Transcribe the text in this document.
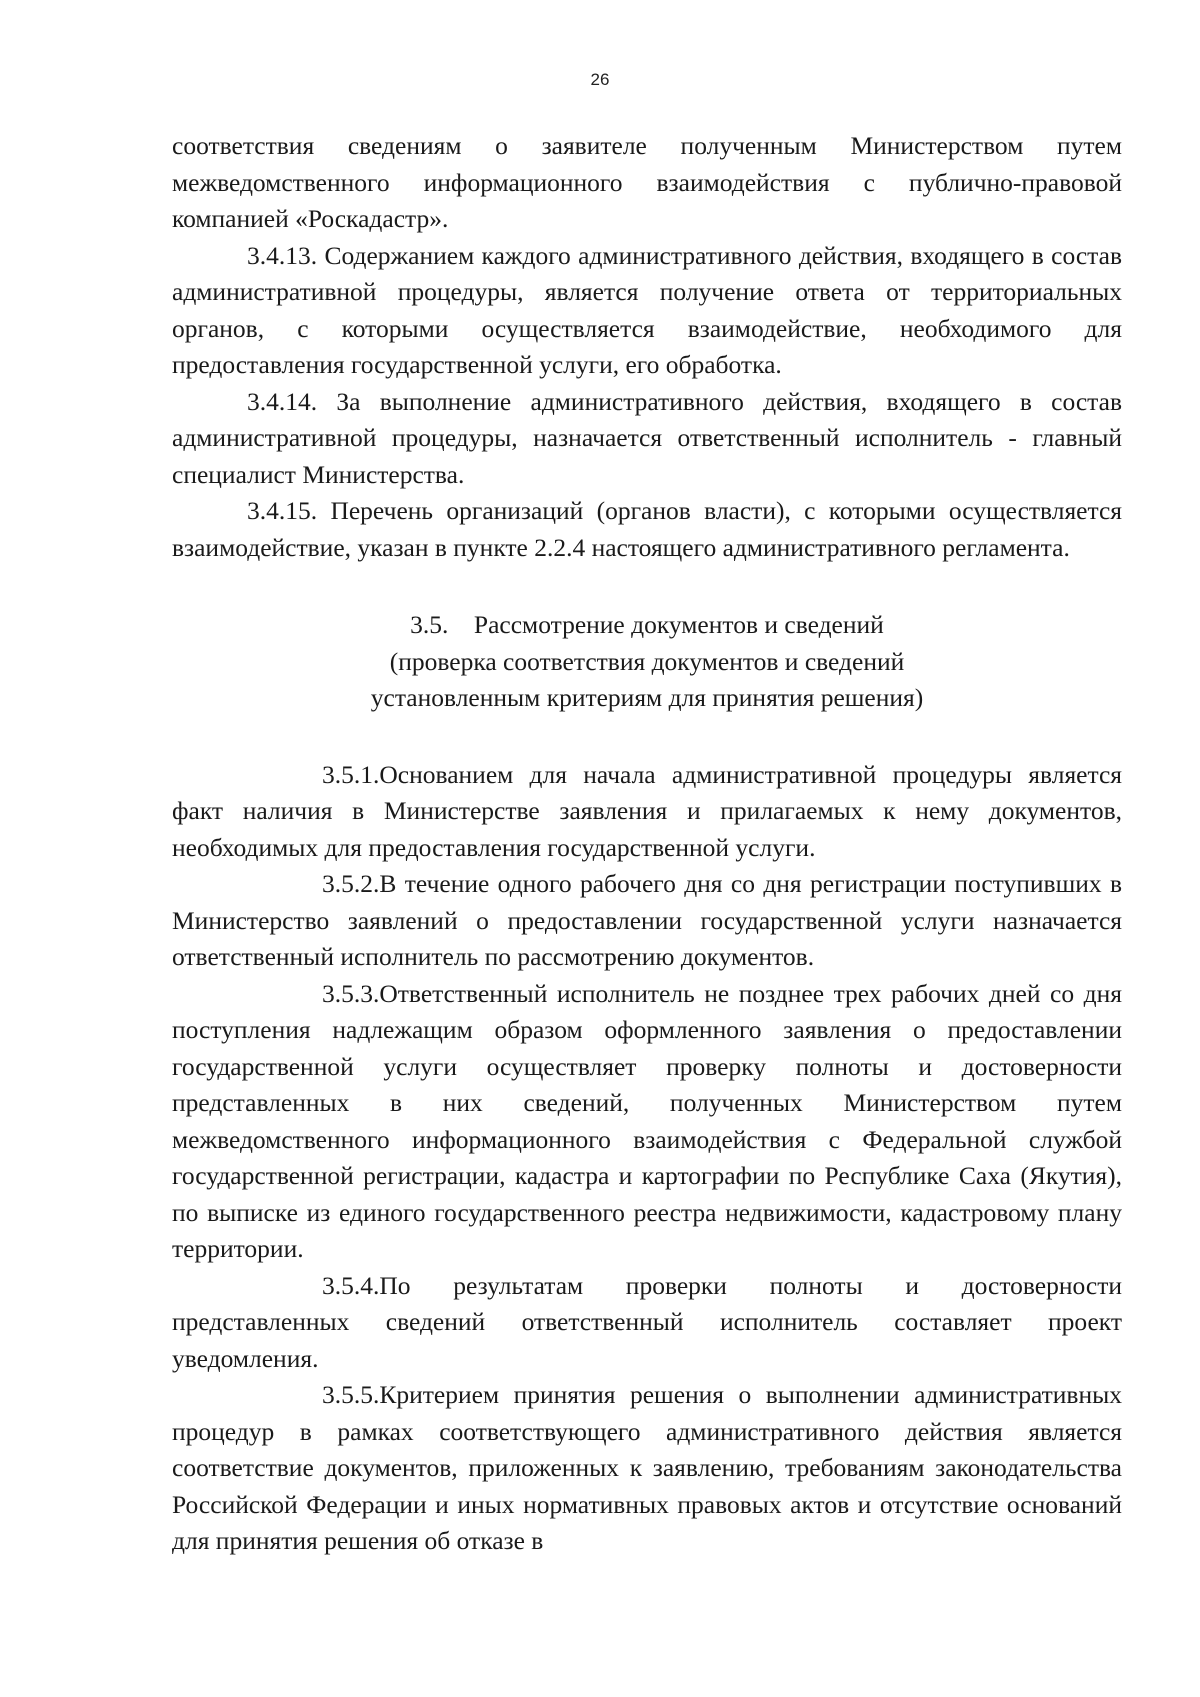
26

соответствия сведениям о заявителе полученным Министерством путем межведомственного информационного взаимодействия с публично-правовой компанией «Роскадастр».

3.4.13. Содержанием каждого административного действия, входящего в состав административной процедуры, является получение ответа от территориальных органов, с которыми осуществляется взаимодействие, необходимого для предоставления государственной услуги, его обработка.

3.4.14. За выполнение административного действия, входящего в состав административной процедуры, назначается ответственный исполнитель - главный специалист Министерства.

3.4.15. Перечень организаций (органов власти), с которыми осуществляется взаимодействие, указан в пункте 2.2.4 настоящего административного регламента.

3.5. Рассмотрение документов и сведений
(проверка соответствия документов и сведений
установленным критериям для принятия решения)

3.5.1.Основанием для начала административной процедуры является факт наличия в Министерстве заявления и прилагаемых к нему документов, необходимых для предоставления государственной услуги.

3.5.2.В течение одного рабочего дня со дня регистрации поступивших в Министерство заявлений о предоставлении государственной услуги назначается ответственный исполнитель по рассмотрению документов.

3.5.3.Ответственный исполнитель не позднее трех рабочих дней со дня поступления надлежащим образом оформленного заявления о предоставлении государственной услуги осуществляет проверку полноты и достоверности представленных в них сведений, полученных Министерством путем межведомственного информационного взаимодействия с Федеральной службой государственной регистрации, кадастра и картографии по Республике Саха (Якутия), по выписке из единого государственного реестра недвижимости, кадастровому плану территории.

3.5.4.По результатам проверки полноты и достоверности представленных сведений ответственный исполнитель составляет проект уведомления.

3.5.5.Критерием принятия решения о выполнении административных процедур в рамках соответствующего административного действия является соответствие документов, приложенных к заявлению, требованиям законодательства Российской Федерации и иных нормативных правовых актов и отсутствие оснований для принятия решения об отказе в
